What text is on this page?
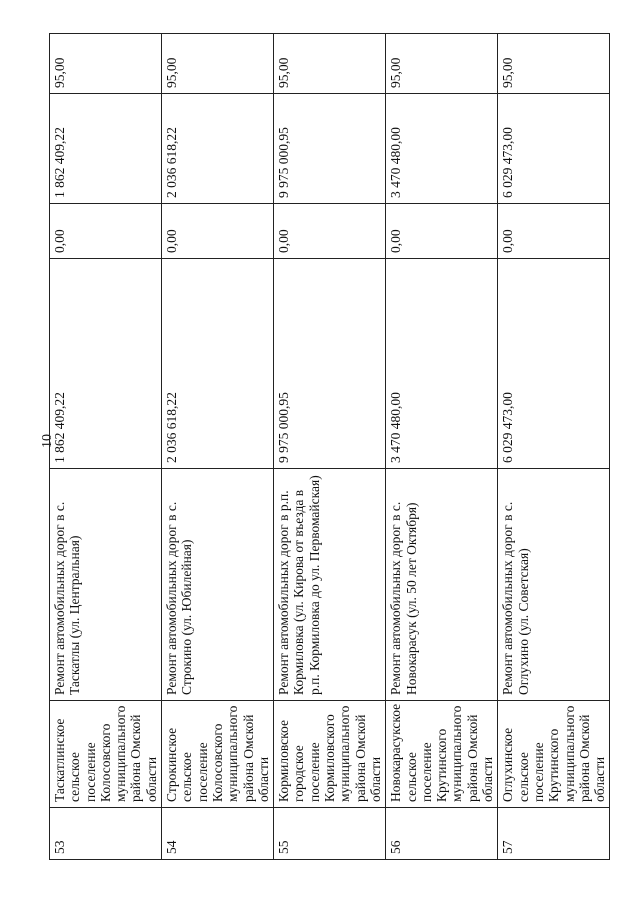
10
53	Таскатлинское сельское поселение Колосовского муниципального района Омской области	Ремонт автомобильных дорог в с. Таскатлы (ул. Центральная)	1 862 409,22	0,00	1 862 409,22	95,00
54	Строкинское сельское поселение Колосовского муниципального района Омской области	Ремонт автомобильных дорог в с. Строкино (ул. Юбилейная)	2 036 618,22	0,00	2 036 618,22	95,00
55	Кормиловское городское поселение Кормиловского муниципального района Омской области	Ремонт автомобильных дорог в р.п. Кормиловка (ул. Кирова от въезда в р.п. Кормиловка до ул. Первомайская)	9 975 000,95	0,00	9 975 000,95	95,00
56	Новокарасукское сельское поселение Крутинского муниципального района Омской области	Ремонт автомобильных дорог в с. Новокарасук (ул. 50 лет Октября)	3 470 480,00	0,00	3 470 480,00	95,00
57	Оглухинское сельское поселение Крутинского муниципального района Омской области	Ремонт автомобильных дорог в с. Оглухино (ул. Советская)	6 029 473,00	0,00	6 029 473,00	95,00
